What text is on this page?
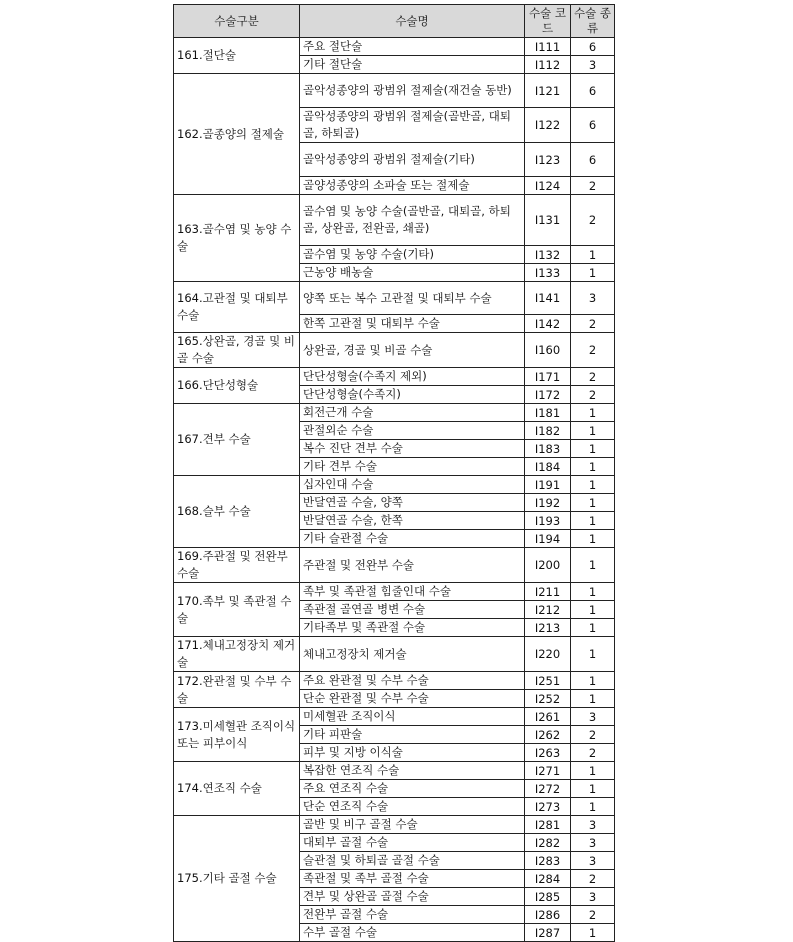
수술구분	수술명	수술 코드	수술 종류
161.절단술	주요 절단술	I111	6
	기타 절단술	I112	3
162.골종양의 절제술	골악성종양의 광범위 절제술(재건술 동반)	I121	6
	골악성종양의 광범위 절제술(골반골, 대퇴골, 하퇴골)	I122	6
	골악성종양의 광범위 절제술(기타)	I123	6
	골양성종양의 소파술 또는 절제술	I124	2
163.골수염 및 농양 수술	골수염 및 농양 수술(골반골, 대퇴골, 하퇴골, 상완골, 전완골, 쇄골)	I131	2
	골수염 및 농양 수술(기타)	I132	1
	근농양 배농술	I133	1
164.고관절 및 대퇴부 수술	양쪽 또는 복수 고관절 및 대퇴부 수술	I141	3
	한쪽 고관절 및 대퇴부 수술	I142	2
165.상완골, 경골 및 비골 수술	상완골, 경골 및 비골 수술	I160	2
166.단단성형술	단단성형술(수족지 제외)	I171	2
	단단성형술(수족지)	I172	2
167.견부 수술	회전근개 수술	I181	1
	관절외순 수술	I182	1
	복수 진단 견부 수술	I183	1
	기타 견부 수술	I184	1
168.슬부 수술	십자인대 수술	I191	1
	반달연골 수술, 양쪽	I192	1
	반달연골 수술, 한쪽	I193	1
	기타 슬관절 수술	I194	1
169.주관절 및 전완부 수술	주관절 및 전완부 수술	I200	1
170.족부 및 족관절 수술	족부 및 족관절 힘줄인대 수술	I211	1
	족관절 골연골 병변 수술	I212	1
	기타족부 및 족관절 수술	I213	1
171.체내고정장치 제거술	체내고정장치 제거술	I220	1
172.완관절 및 수부 수술	주요 완관절 및 수부 수술	I251	1
	단순 완관절 및 수부 수술	I252	1
173.미세혈관 조직이식 또는 피부이식	미세혈관 조직이식	I261	3
	기타 피판술	I262	2
	피부 및 지방 이식술	I263	2
174.연조직 수술	복잡한 연조직 수술	I271	1
	주요 연조직 수술	I272	1
	단순 연조직 수술	I273	1
175.기타 골절 수술	골반 및 비구 골절 수술	I281	3
	대퇴부 골절 수술	I282	3
	슬관절 및 하퇴골 골절 수술	I283	3
	족관절 및 족부 골절 수술	I284	2
	견부 및 상완골 골절 수술	I285	3
	전완부 골절 수술	I286	2
	수부 골절 수술	I287	1
